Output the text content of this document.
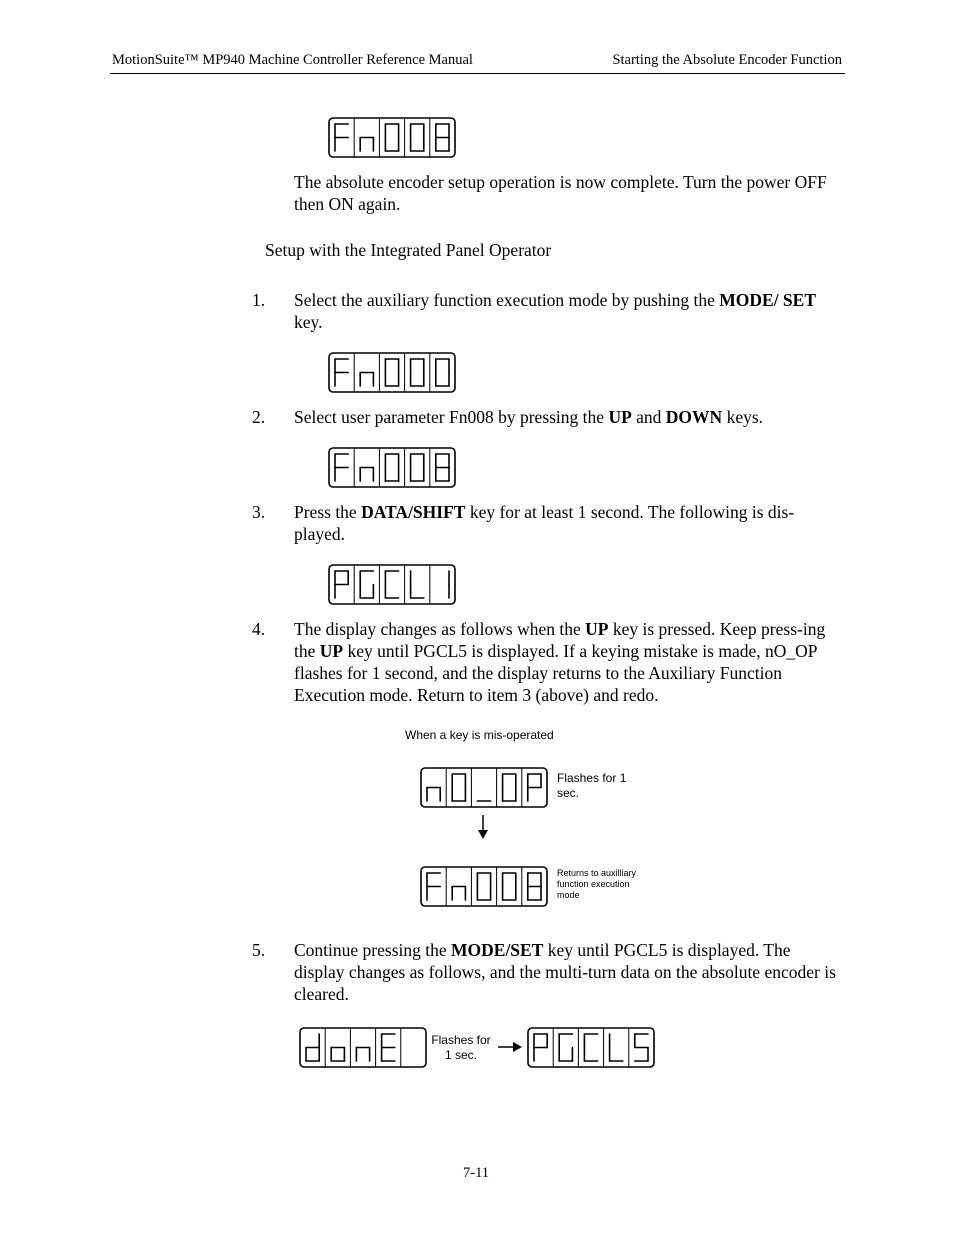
MotionSuite™ MP940 Machine Controller Reference Manual	Starting the Absolute Encoder Function
The absolute encoder setup operation is now complete. Turn the power OFF then ON again.
Setup with the Integrated Panel Operator
1. Select the auxiliary function execution mode by pushing the MODE/ SET key.
2. Select user parameter Fn008 by pressing the UP and DOWN keys.
3. Press the DATA/SHIFT key for at least 1 second. The following is dis-played.
4. The display changes as follows when the UP key is pressed. Keep press-ing the UP key until PGCL5 is displayed. If a keying mistake is made, nO_OP flashes for 1 second, and the display returns to the Auxiliary Function Execution mode. Return to item 3 (above) and redo.
When a key is mis-operated
Flashes for 1 sec.
Returns to auxilliary function execution mode
5. Continue pressing the MODE/SET key until PGCL5 is displayed. The display changes as follows, and the multi-turn data on the absolute encoder is cleared.
Flashes for 1 sec.
7-11
